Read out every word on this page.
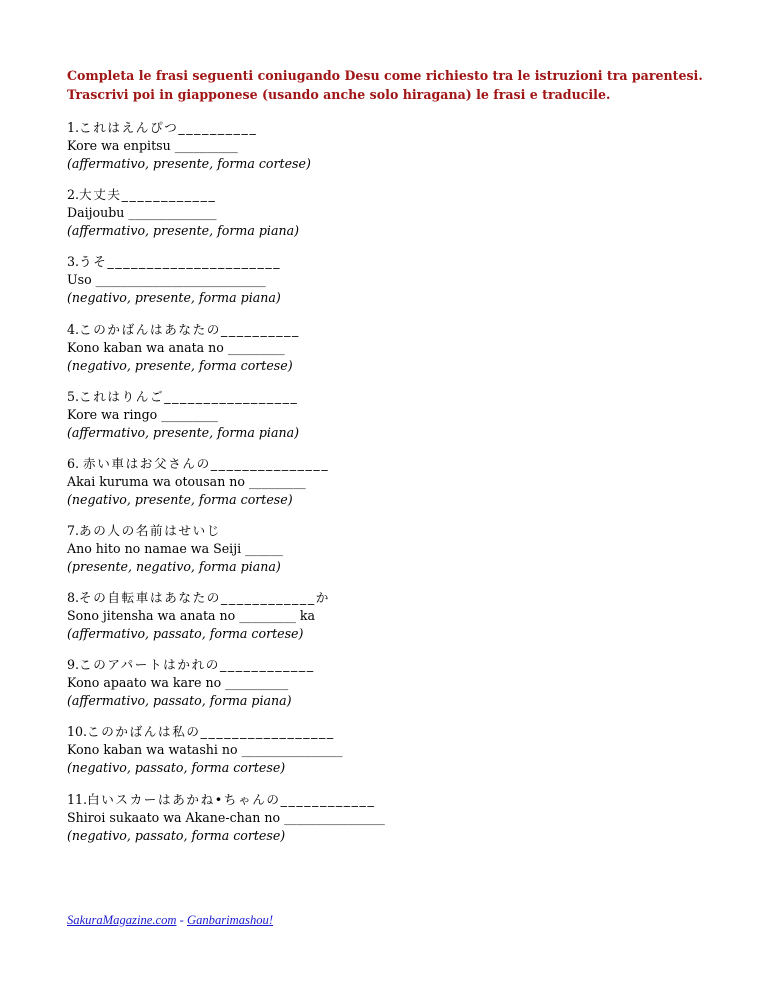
Completa le frasi seguenti coniugando Desu come richiesto tra le istruzioni tra parentesi.
Trascrivi poi in giapponese (usando anche solo hiragana) le frasi e traducile.
1.これはえんぴつ__________
Kore wa enpitsu __________
(affermativo, presente, forma cortese)
2.大丈夫____________
Daijoubu ______________
(affermativo, presente, forma piana)
3.うそ______________________
Uso ___________________________
(negativo, presente, forma piana)
4.このかばんはあなたの__________
Kono kaban wa anata no _________
(negativo, presente, forma cortese)
5.これはりんご_________________
Kore wa ringo _________
(affermativo, presente, forma piana)
6. 赤い車はお父さんの_______________
Akai kuruma wa otousan no _________
(negativo, presente, forma cortese)
7.あの人の名前はせいじ
Ano hito no namae wa Seiji ______
(presente, negativo, forma piana)
8.その自転車はあなたの____________か
Sono jitensha wa anata no _________ ka
(affermativo, passato, forma cortese)
9.このアパートはかれの____________
Kono apaato wa kare no __________
(affermativo, passato, forma piana)
10.このかばんは私の_________________
Kono kaban wa watashi no ________________
(negativo, passato, forma cortese)
11.白いスカーはあかね•ちゃんの____________
Shiroi sukaato wa Akane-chan no ________________
(negativo, passato, forma cortese)
SakuraMagazine.com - Ganbarimashou!
